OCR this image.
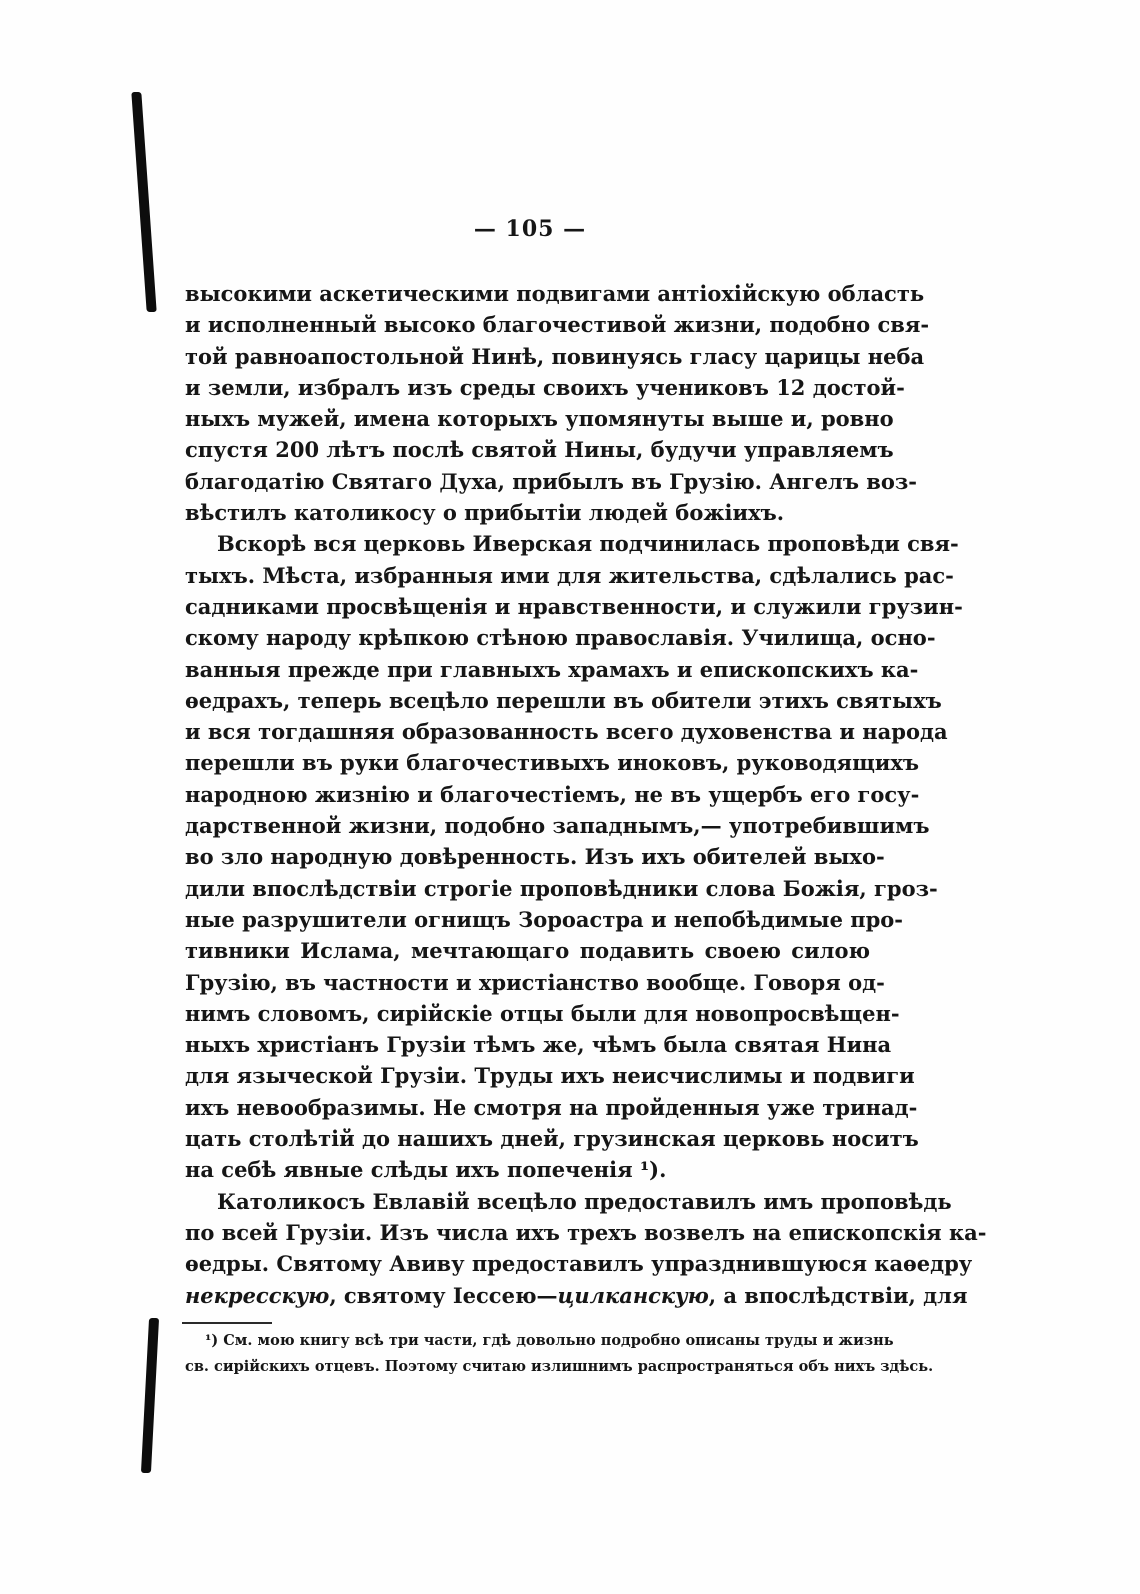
— 105 —
высокими аскетическими подвигами антіохійскую область
и исполненный высоко благочестивой жизни, подобно свя-
той равноапостольной Нинѣ, повинуясь гласу царицы неба
и земли, избралъ изъ среды своихъ учениковъ 12 достой-
ныхъ мужей, имена которыхъ упомянуты выше и, ровно
спустя 200 лѣтъ послѣ святой Нины, будучи управляемъ
благодатію Святаго Духа, прибылъ въ Грузію. Ангелъ воз-
вѣстилъ католикосу о прибытіи людей божіихъ.
Вскорѣ вся церковь Иверская подчинилась проповѣди свя-
тыхъ. Мѣста, избранныя ими для жительства, сдѣлались рас-
садниками просвѣщенія и нравственности, и служили грузин-
скому народу крѣпкою стѣною православія. Училища, осно-
ванныя прежде при главныхъ храмахъ и епископскихъ ка-
ѳедрахъ, теперь всецѣло перешли въ обители этихъ святыхъ
и вся тогдашняя образованность всего духовенства и народа
перешли въ руки благочестивыхъ иноковъ, руководящихъ
народною жизнію и благочестіемъ, не въ ущербъ его госу-
дарственной жизни, подобно западнымъ,— употребившимъ
во зло народную довѣренность. Изъ ихъ обителей выхо-
дили впослѣдствіи строгіе проповѣдники слова Божія, гроз-
ные разрушители огнищъ Зороастра и непобѣдимые про-
тивники Ислама, мечтающаго подавить своею силою
Грузію, въ частности и христіанство вообще. Говоря од-
нимъ словомъ, сирійскіе отцы были для новопросвѣщен-
ныхъ христіанъ Грузіи тѣмъ же, чѣмъ была святая Нина
для языческой Грузіи. Труды ихъ неисчислимы и подвиги
ихъ невообразимы. Не смотря на пройденныя уже тринад-
цать столѣтій до нашихъ дней, грузинская церковь носитъ
на себѣ явные слѣды ихъ попеченія ¹).
Католикосъ Евлавій всецѣло предоставилъ имъ проповѣдь
по всей Грузіи. Изъ числа ихъ трехъ возвелъ на епископскія ка-
ѳедры. Святому Авиву предоставилъ упразднившуюся каѳедру
некресскую, святому Іессею—цилканскую, а впослѣдствіи, для
¹) См. мою книгу всѣ три части, гдѣ довольно подробно описаны труды и жизнь
св. сирійскихъ отцевъ. Поэтому считаю излишнимъ распространяться объ нихъ здѣсь.
